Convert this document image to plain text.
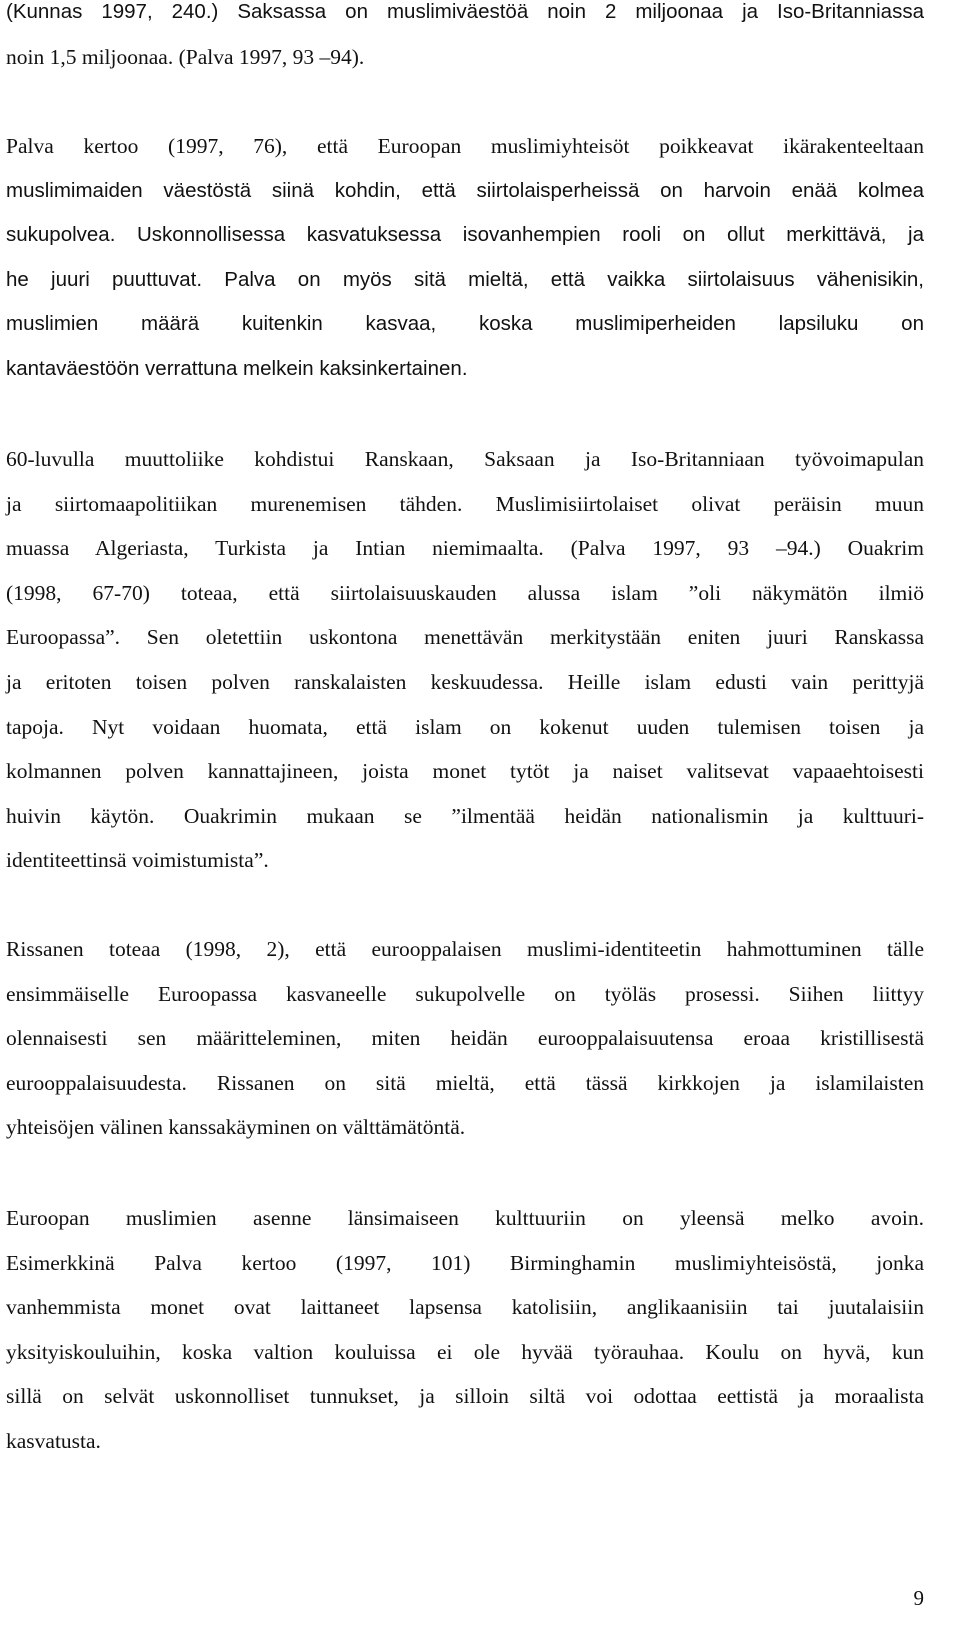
(Kunnas 1997, 240.) Saksassa on muslimiväestöä noin 2 miljoonaa ja Iso-Britanniassa
noin 1,5 miljoonaa. (Palva 1997, 93 –94).
Palva kertoo (1997, 76), että Euroopan muslimiyhteisöt poikkeavat ikärakenteeltaan
muslimimaiden väestöstä siinä kohdin, että siirtolaisperheissä on harvoin enää kolmea
sukupolvea. Uskonnollisessa kasvatuksessa isovanhempien rooli on ollut merkittävä, ja
he juuri puuttuvat. Palva on myös sitä mieltä, että vaikka siirtolaisuus vähenisikin,
muslimien määrä kuitenkin kasvaa, koska muslimiperheiden lapsiluku on
kantaväestöön verrattuna melkein kaksinkertainen.
60-luvulla muuttoliike kohdistui Ranskaan, Saksaan ja Iso-Britanniaan työvoimapulan
ja siirtomaapolitiikan murenemisen tähden. Muslimisiirtolaiset olivat peräisin muun
muassa Algeriasta, Turkista ja Intian niemimaalta. (Palva 1997, 93 –94.) Ouakrim
(1998, 67-70) toteaa, että siirtolaisuuskauden alussa islam ”oli näkymätön ilmiö
Euroopassa”. Sen oletettiin uskontona menettävän merkitystään eniten juuri Ranskassa
ja eritoten toisen polven ranskalaisten keskuudessa. Heille islam edusti vain perittyjä
tapoja. Nyt voidaan huomata, että islam on kokenut uuden tulemisen toisen ja
kolmannen polven kannattajineen, joista monet tytöt ja naiset valitsevat vapaaehtoisesti
huivin käytön. Ouakrimin mukaan se ”ilmentää heidän nationalismin ja kulttuuri-
identiteettinsä voimistumista”.
Rissanen toteaa (1998, 2), että eurooppalaisen muslimi-identiteetin hahmottuminen tälle
ensimmäiselle Euroopassa kasvaneelle sukupolvelle on työläs prosessi. Siihen liittyy
olennaisesti sen määritteleminen, miten heidän eurooppalaisuutensa eroaa kristillisestä
eurooppalaisuudesta. Rissanen on sitä mieltä, että tässä kirkkojen ja islamilaisten
yhteisöjen välinen kanssakäyminen on välttämätöntä.
Euroopan muslimien asenne länsimaiseen kulttuuriin on yleensä melko avoin.
Esimerkkinä Palva kertoo (1997, 101) Birminghamin muslimiyhteisöstä, jonka
vanhemmista monet ovat laittaneet lapsensa katolisiin, anglikaanisiin tai juutalaisiin
yksityiskouluihin, koska valtion kouluissa ei ole hyvää työrauhaa. Koulu on hyvä, kun
sillä on selvät uskonnolliset tunnukset, ja silloin siltä voi odottaa eettistä ja moraalista
kasvatusta.
9
